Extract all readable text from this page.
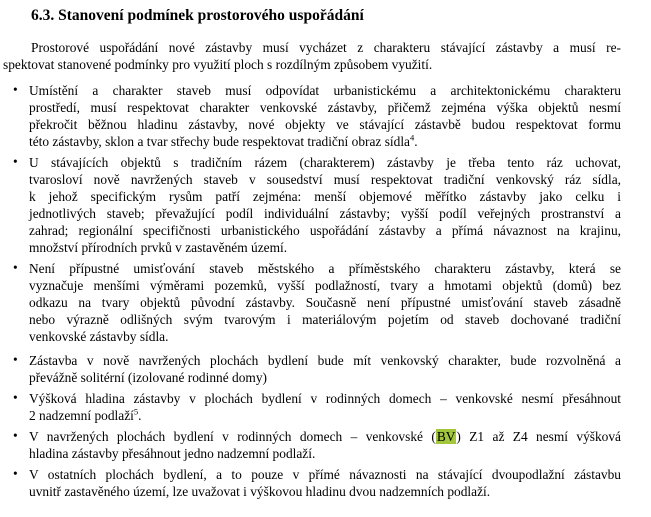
6.3. Stanovení podmínek prostorového uspořádání

Prostorové uspořádání nové zástavby musí vycházet z charakteru stávající zástavby a musí re-
spektovat stanovené podmínky pro využití ploch s rozdílným způsobem využití.

• Umístění a charakter staveb musí odpovídat urbanistickému a architektonickému charakteru
prostředí, musí respektovat charakter venkovské zástavby, přičemž zejména výška objektů nesmí
překročit běžnou hladinu zástavby, nové objekty ve stávající zástavbě budou respektovat formu
této zástavby, sklon a tvar střechy bude respektovat tradiční obraz sídla$^4$.
• U stávajících objektů s tradičním rázem (charakterem) zástavby je třeba tento ráz uchovat,
tvarosloví nově navržených staveb v sousedství musí respektovat tradiční venkovský ráz sídla,
k jehož specifickým rysům patří zejména: menší objemové měřítko zástavby jako celku i
jednotlivých staveb; převažující podíl individuální zástavby; vyšší podíl veřejných prostranství a
zahrad; regionální specifičnosti urbanistického uspořádání zástavby a přímá návaznost na krajinu,
množství přírodních prvků v zastavěném území.
• Není přípustné umisťování staveb městského a příměstského charakteru zástavby, která se
vyznačuje menšími výměrami pozemků, vyšší podlažností, tvary a hmotami objektů (domů) bez
odkazu na tvary objektů původní zástavby. Současně není přípustné umisťování staveb zásadně
nebo výrazně odlišných svým tvarovým i materiálovým pojetím od staveb dochované tradiční
venkovské zástavby sídla.
• Zástavba v nově navržených plochách bydlení bude mít venkovský charakter, bude rozvolněná a
převážně solitérní (izolované rodinné domy)
• Výšková hladina zástavby v plochách bydlení v rodinných domech – venkovské nesmí přesáhnout
2 nadzemní podlaží$^5$.
• V navržených plochách bydlení v rodinných domech – venkovské (BV) Z1 až Z4 nesmí výšková
hladina zástavby přesáhnout jedno nadzemní podlaží.
• V ostatních plochách bydlení, a to pouze v přímé návaznosti na stávající dvoupodlažní zástavbu
uvnitř zastavěného území, lze uvažovat i výškovou hladinu dvou nadzemních podlaží.
